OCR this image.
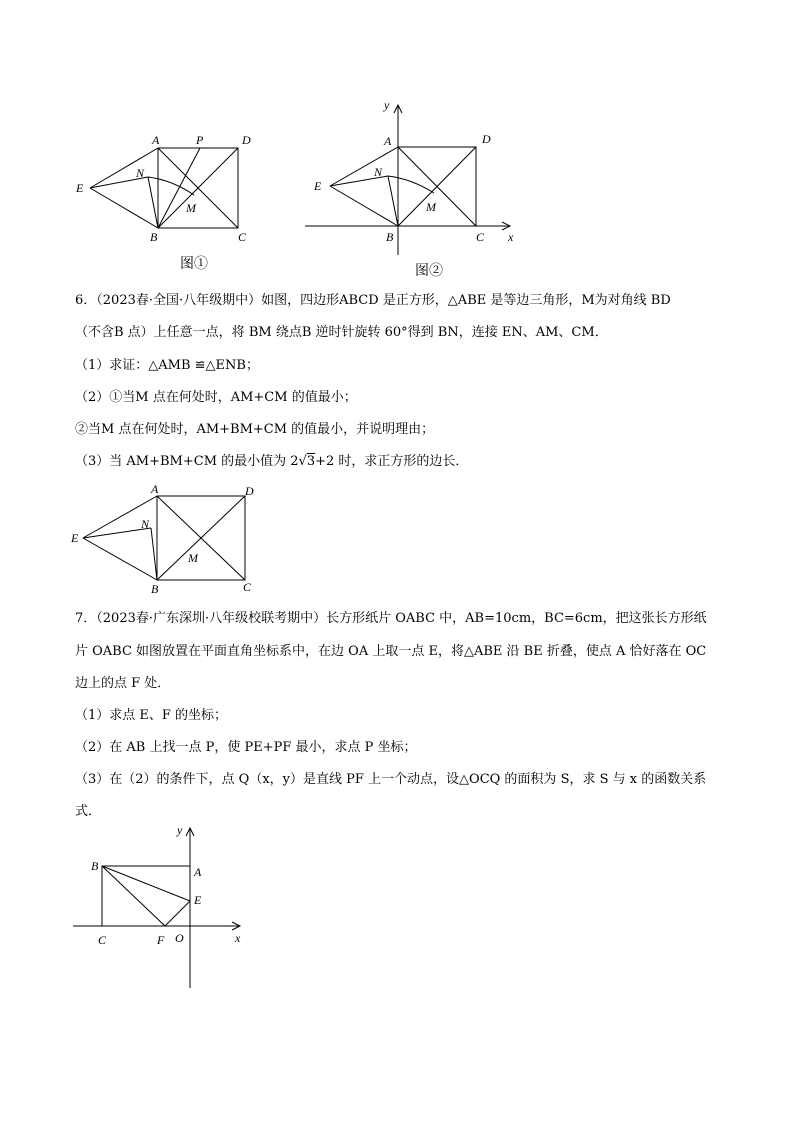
A	P	D
E
N
M
B	C
图①
y
A	D
E
N
M
B	C x
图②
6．（2023春·全国·八年级期中）如图，四边形ABCD 是正方形，△ABE 是等边三角形，M为对角线 BD
（不含B 点）上任意一点，将 BM 绕点B 逆时针旋转 60°得到 BN，连接 EN、AM、CM．
（1）求证：△AMB ≌△ENB；
（2）①当M 点在何处时，AM+CM 的值最小；
②当M 点在何处时，AM+BM+CM 的值最小，并说明理由；
（3）当 AM+BM+CM 的最小值为 2√3+2 时，求正方形的边长．
A	D
E
N
M
B	C
7．（2023春·广东深圳·八年级校联考期中）长方形纸片 OABC 中，AB=10cm，BC=6cm，把这张长方形纸
片 OABC 如图放置在平面直角坐标系中，在边 OA 上取一点 E，将△ABE 沿 BE 折叠，使点 A 恰好落在 OC
边上的点 F 处．
（1）求点 E、F 的坐标；
（2）在 AB 上找一点 P，使 PE+PF 最小，求点 P 坐标；
（3）在（2）的条件下，点 Q（x，y）是直线 PF 上一个动点，设△OCQ 的面积为 S，求 S 与 x 的函数关系
式．
y
B	A
E
C	F O	x
